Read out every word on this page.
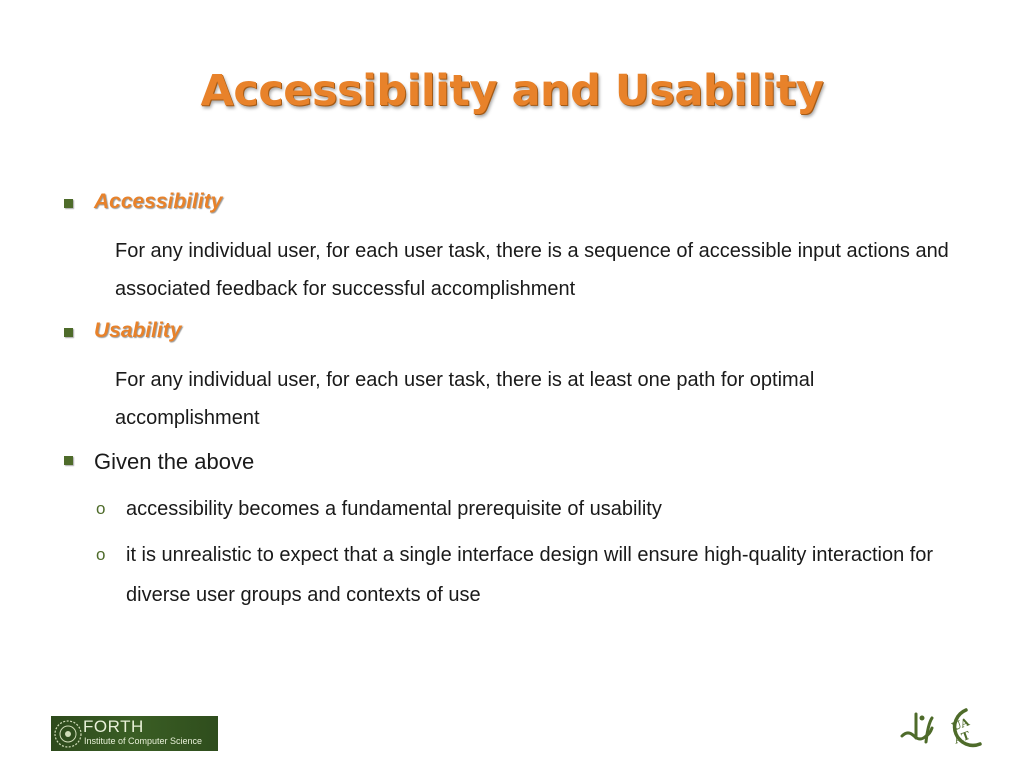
Accessibility and Usability
Accessibility
For any individual user, for each user task, there is a sequence of accessible input actions and associated feedback for successful accomplishment
Usability
For any individual user, for each user task, there is at least one path for optimal accomplishment
Given the above
o accessibility becomes a fundamental prerequisite of usability
o it is unrealistic to expect that a single interface design will ensure high-quality interaction for diverse user groups and contexts of use
FORTH
Institute of Computer Science
UA
AT
